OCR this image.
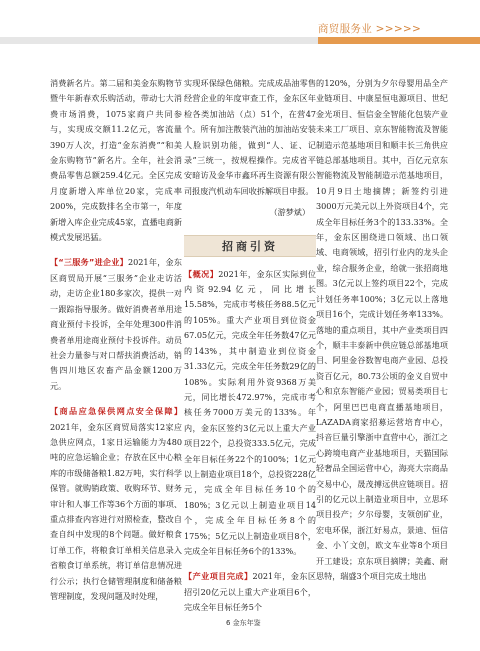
商贸服务业 >>>>>

消费新名片。第二届和美金东购物节暨牛年新春欢乐购活动，带动七大消费市场消费，1075家商户共同参与，实现成交额11.2亿元，客流量390万人次，打造“金东消费”“和美金东购物节”新名片。全年，社会消费品零售总额259.4亿元。全区完成月度新增入库单位20家，完成率200%，完成数排名全市第一，年度新增入库企业完成45家，直播电商新模式发展迅猛。

【“三服务”进企业】2021年，金东区商贸局开展“三服务”企业走访活动，走访企业180多家次，提供一对一跟踪指导服务。做好消费者单用途商业预付卡投诉，全年处理300件消费者单用途商业预付卡投诉件。动员社会力量参与对口帮扶消费活动，销售四川地区农畜产品金额1200万元。

【商品应急保供网点安全保障】2021年，金东区商贸局落实12家应急供应网点，1家日运输能力为480吨的应急运输企业；存放在区中心粮库的市级储备粮1.82万吨，实行科学保管。就购销政策、收购环节、财务审计和人事工作等36个方面的事项、重点排查内容进行对照检查，整改自查自纠中发现的8个问题。做好粮食订单工作，将粮食订单相关信息录入省粮食订单系统，将订单信息情况进行公示；执行仓储管理制度和储备粮管理制度，发现问题及时处理，

实现环保绿色储粮。完成成品油零售经营企业的年度审查工作，金东区年检各类加油站（点）51个，在营47个。所有加注散装汽油的加油站安装人脸识别功能，做到“人、证、记录”三统一，按规程操作。完成省平安暗访及金华市鑫环再生资源有限公司报废汽机动车回收拆解项目申报。

（游梦斌）
招商引资

【概况】2021年，金东区实际到位内资92.94亿元，同比增长15.58%，完成市考核任务88.5亿元的105%。重大产业项目到位资金67.05亿元，完成全年任务数47亿元的143%，其中制造业到位资金31.33亿元，完成全年任务数29亿的108%。实际利用外资9368万美元，同比增长472.97%，完成市考核任务7000万美元的133%。年内，金东区签约3亿元以上重大产业项目22个，总投资333.5亿元，完成全年目标任务22个的100%；1亿元以上制造业项目18个，总投资228亿元，完成全年目标任务10个的180%；3亿元以上制造业项目14个，完成全年目标任务8个的175%；5亿元以上制造业项目8个，完成全年目标任务6个的133%。

【产业项目完成】2021年，金东区招引20亿元以上重大产业项目6个，完成全年目标任务5个

的120%，分别为夕尔母婴用品全产业链项目、中康星恒电源项目、世纪金光项目、恒信金全智能化包装产业未来工厂项目、京东智能物流及智能制造示范基地项目和顺丰长三角供应链总部基地项目。其中，百亿元京东智能物流及智能制造示范基地项目，10月9日土地摘牌；新签约引进3000万元美元以上外资项目4个，完成全年目标任务3个的133.33%。全年，金东区围绕进口领域、出口领域、电商领域，招引行业内的龙头企业，综合服务企业，给就一张招商地图。3亿元以上签约项目22个，完成计划任务率100%；3亿元以上落地项目16个，完成计划任务率133%。落地的重点项目，其中产业类项目四个，顺丰丰泰新中供应链总部基地项目、阿里金谷数智电商产业园、总投资百亿元，80.73公顷的金义自贸中心和京东智能产业园；贸易类项目七个，阿里巴巴电商直播基地项目，LAZADA商家招募运营培育中心，抖音巨量引擎浙中直营中心，浙江之心跨境电商产业基地项目，天猫国际轻奢品全国运营中心，海亮大宗商品交易中心，晟茂搏远供应链项目。招引的亿元以上制造业项目中，立思环项目投产；夕尔母婴，支领创矿业，宏电环保，浙江好易点，景迪、恒信金、小丫文创，欧文车业等8个项目开工建设；京东项目摘牌；美鑫、耐思特，瑞盛3个项目完成土地出

6 金东年鉴
